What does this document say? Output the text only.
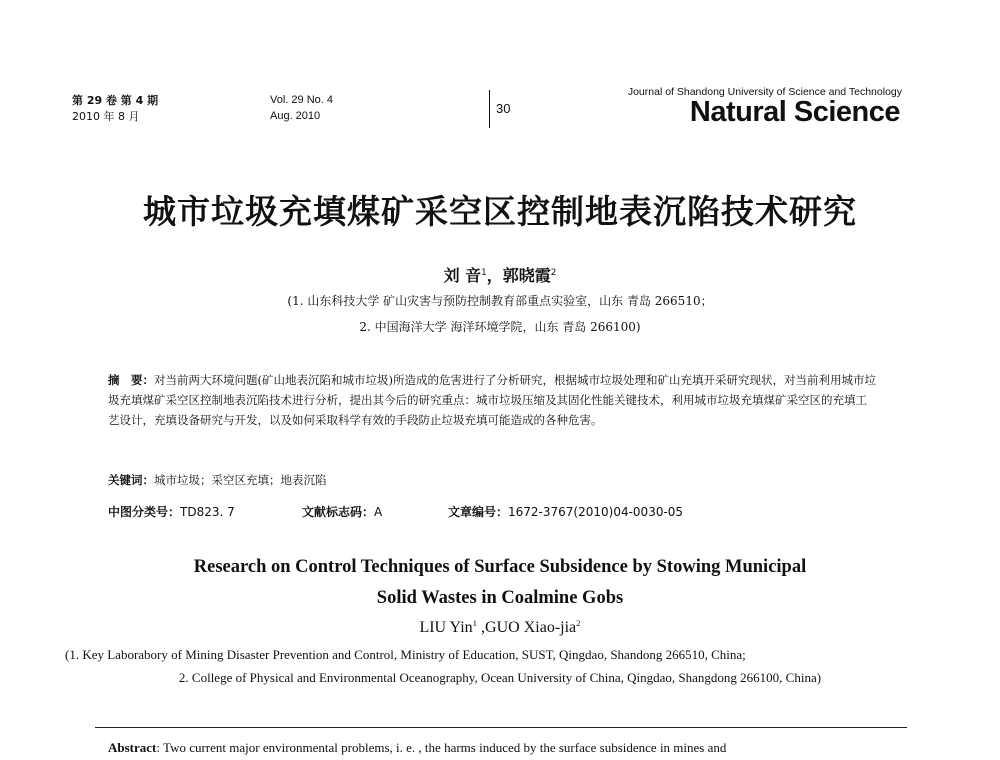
第 29 卷 第 4 期
2010 年 8 月
Vol. 29 No. 4
Aug. 2010	30
Journal of Shandong University of Science and Technology
Natural Science
城市垃圾充填煤矿采空区控制地表沉陷技术研究
刘 音$^1$，郭晓霞$^2$
(1. 山东科技大学 矿山灾害与预防控制教育部重点实验室，山东 青岛 266510；
2. 中国海洋大学 海洋环境学院，山东 青岛 266100)
摘　要：对当前两大环境问题(矿山地表沉陷和城市垃圾)所造成的危害进行了分析研究，根据城市垃圾处理和矿山充填开采研究现状，对当前利用城市垃圾充填煤矿采空区控制地表沉陷技术进行分析，提出其今后的研究重点：城市垃圾压缩及其固化性能关键技术，利用城市垃圾充填煤矿采空区的充填工艺设计，充填设备研究与开发，以及如何采取科学有效的手段防止垃圾充填可能造成的各种危害。
关键词：城市垃圾；采空区充填；地表沉陷
中图分类号：TD823. 7	文献标志码：A	文章编号：1672-3767(2010)04-0030-05
Research on Control Techniques of Surface Subsidence by Stowing Municipal
Solid Wastes in Coalmine Gobs
LIU Yin$^1$ ,GUO Xiao-jia$^2$
(1. Key Laborabory of Mining Disaster Prevention and Control, Ministry of Education, SUST, Qingdao, Shandong 266510, China;
2. College of Physical and Environmental Oceanography, Ocean University of China, Qingdao, Shangdong 266100, China)
Abstract: Two current major environmental problems, i. e. , the harms induced by the surface subsidence in mines and
